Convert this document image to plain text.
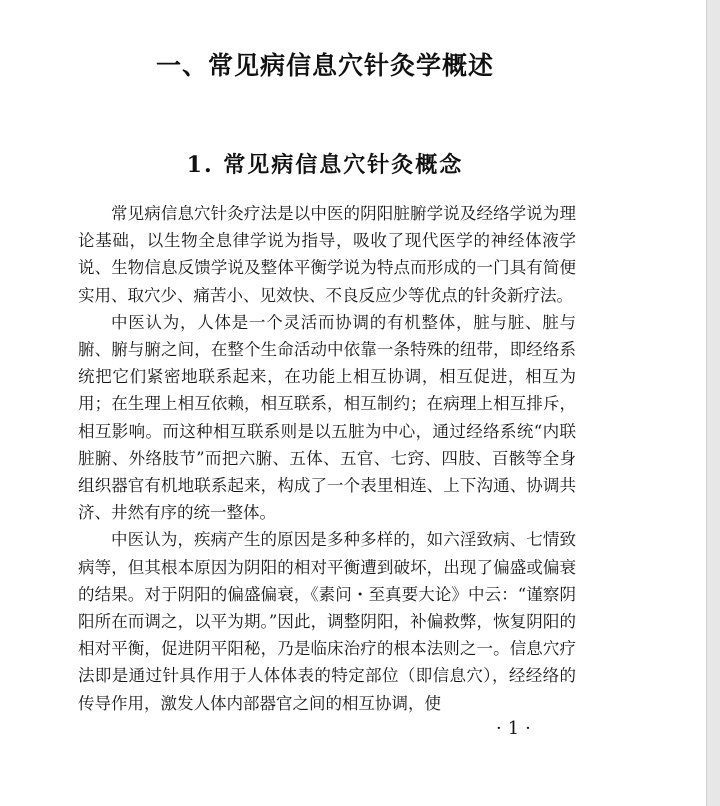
一、常见病信息穴针灸学概述
1. 常见病信息穴针灸概念

常见病信息穴针灸疗法是以中医的阴阳脏腑学说及经络学说为理论基础，以生物全息律学说为指导，吸收了现代医学的神经体液学说、生物信息反馈学说及整体平衡学说为特点而形成的一门具有简便实用、取穴少、痛苦小、见效快、不良反应少等优点的针灸新疗法。

中医认为，人体是一个灵活而协调的有机整体，脏与脏、脏与腑、腑与腑之间，在整个生命活动中依靠一条特殊的纽带，即经络系统把它们紧密地联系起来，在功能上相互协调，相互促进，相互为用；在生理上相互依赖，相互联系，相互制约；在病理上相互排斥，相互影响。而这种相互联系则是以五脏为中心，通过经络系统“内联脏腑、外络肢节”而把六腑、五体、五官、七窍、四肢、百骸等全身组织器官有机地联系起来，构成了一个表里相连、上下沟通、协调共济、井然有序的统一整体。

中医认为，疾病产生的原因是多种多样的，如六淫致病、七情致病等，但其根本原因为阴阳的相对平衡遭到破坏，出现了偏盛或偏衰的结果。对于阴阳的偏盛偏衰，《素问・至真要大论》中云：“谨察阴阳所在而调之，以平为期。”因此，调整阴阳，补偏救弊，恢复阴阳的相对平衡，促进阴平阳秘，乃是临床治疗的根本法则之一。信息穴疗法即是通过针具作用于人体体表的特定部位（即信息穴），经经络的传导作用，激发人体内部器官之间的相互协调，使

·1·
